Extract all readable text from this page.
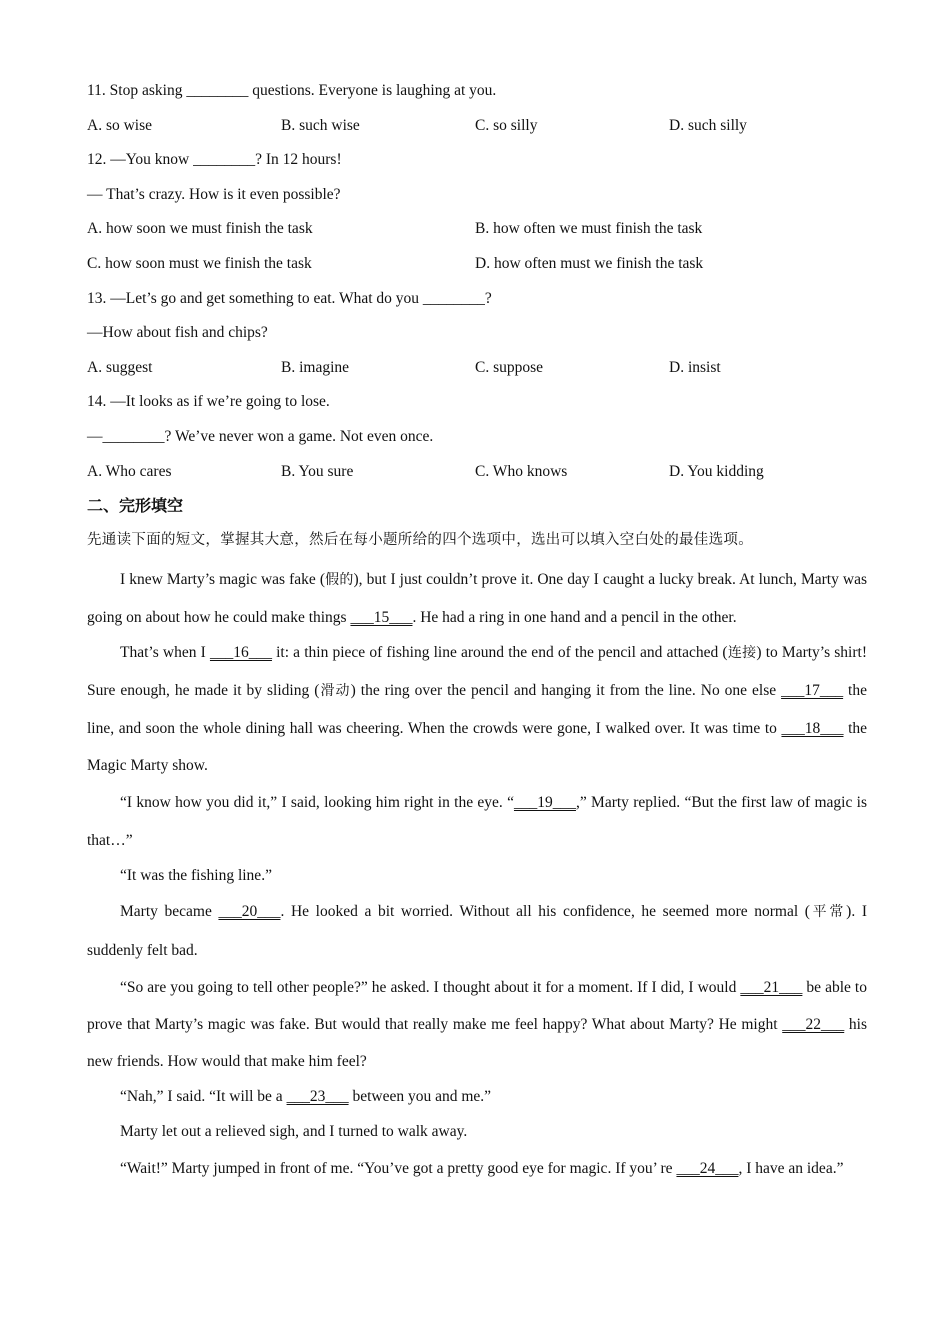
11. Stop asking ________ questions. Everyone is laughing at you.
A. so wise	B. such wise	C. so silly	D. such silly
12. —You know ________? In 12 hours!
— That’s crazy. How is it even possible?
A. how soon we must finish the task	B. how often we must finish the task
C. how soon must we finish the task	D. how often must we finish the task
13. —Let’s go and get something to eat. What do you ________?
—How about fish and chips?
A. suggest	B. imagine	C. suppose	D. insist
14. —It looks as if we’re going to lose.
—________? We’ve never won a game. Not even once.
A. Who cares	B. You sure	C. Who knows	D. You kidding
二、完形填空
先通读下面的短文，掌握其大意，然后在每小题所给的四个选项中，选出可以填入空白处的最佳选项。

I knew Marty’s magic was fake (假的), but I just couldn’t prove it. One day I caught a lucky break. At lunch, Marty was going on about how he could make things ___15___. He had a ring in one hand and a pencil in the other.

That’s when I ___16___ it: a thin piece of fishing line around the end of the pencil and attached (连接) to Marty’s shirt! Sure enough, he made it by sliding (滑动) the ring over the pencil and hanging it from the line. No one else ___17___ the line, and soon the whole dining hall was cheering. When the crowds were gone, I walked over. It was time to ___18___ the Magic Marty show.

“I know how you did it,” I said, looking him right in the eye. “___19___,” Marty replied. “But the first law of magic is that…”

“It was the fishing line.”

Marty became ___20___. He looked a bit worried. Without all his confidence, he seemed more normal (平常). I suddenly felt bad.

“So are you going to tell other people?” he asked. I thought about it for a moment. If I did, I would ___21___ be able to prove that Marty’s magic was fake. But would that really make me feel happy? What about Marty? He might ___22___ his new friends. How would that make him feel?

“Nah,” I said. “It will be a ___23___ between you and me.”

Marty let out a relieved sigh, and I turned to walk away.

“Wait!” Marty jumped in front of me. “You’ve got a pretty good eye for magic. If you’ re ___24___, I have an idea.”
